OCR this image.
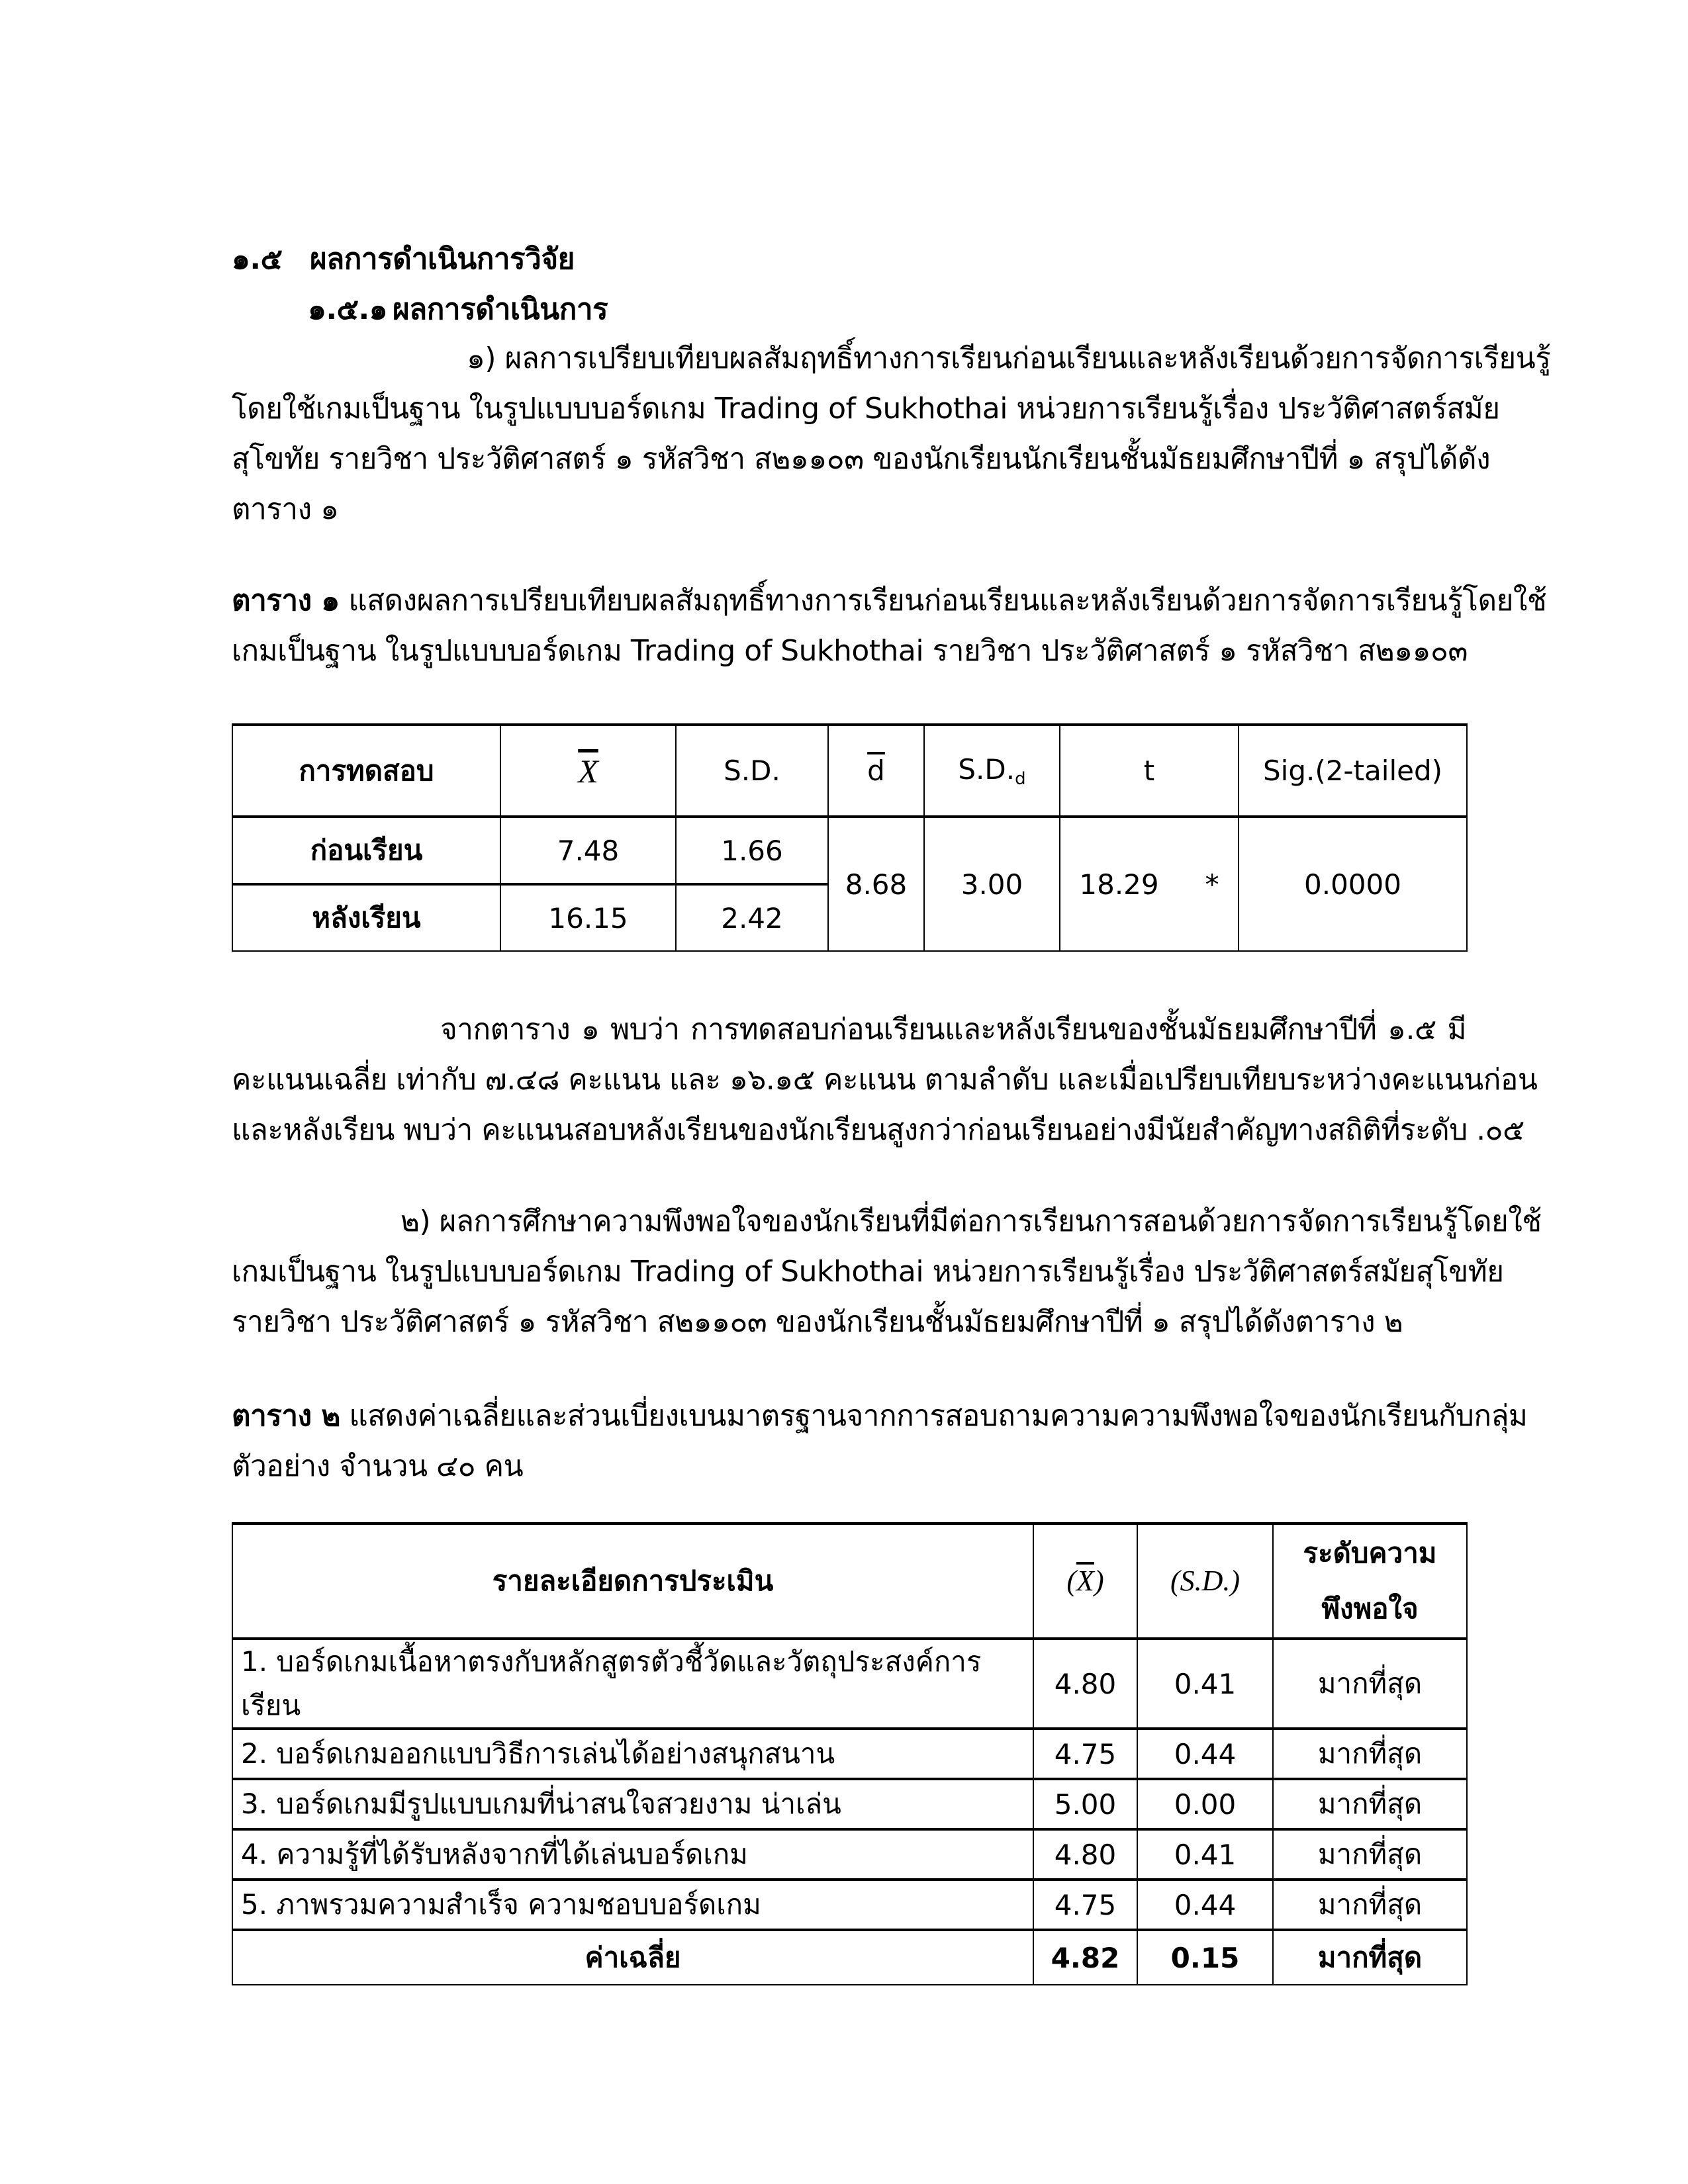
๑.๕ ผลการดำเนินการวิจัย
๑.๕.๑ ผลการดำเนินการ
๑) ผลการเปรียบเทียบผลสัมฤทธิ์ทางการเรียนก่อนเรียนและหลังเรียนด้วยการจัดการเรียนรู้
โดยใช้เกมเป็นฐาน ในรูปแบบบอร์ดเกม Trading of Sukhothai หน่วยการเรียนรู้เรื่อง ประวัติศาสตร์สมัย
สุโขทัย รายวิชา ประวัติศาสตร์ ๑ รหัสวิชา ส๒๑๑๐๓ ของนักเรียนนักเรียนชั้นมัธยมศึกษาปีที่ ๑ สรุปได้ดัง
ตาราง ๑
ตาราง ๑ แสดงผลการเปรียบเทียบผลสัมฤทธิ์ทางการเรียนก่อนเรียนและหลังเรียนด้วยการจัดการเรียนรู้โดยใช้
เกมเป็นฐาน ในรูปแบบบอร์ดเกม Trading of Sukhothai รายวิชา ประวัติศาสตร์ ๑ รหัสวิชา ส๒๑๑๐๓
การทดสอบ	$\overline{X}$	S.D.	$\overline{d}$	$S.D._d$	t	Sig.(2-tailed)
ก่อนเรียน	7.48	1.66	8.68	3.00	18.29 *	0.0000
หลังเรียน	16.15	2.42				
จากตาราง ๑ พบว่า การทดสอบก่อนเรียนและหลังเรียนของชั้นมัธยมศึกษาปีที่ ๑.๕ มี
คะแนนเฉลี่ย เท่ากับ ๗.๔๘ คะแนน และ ๑๖.๑๕ คะแนน ตามลำดับ และเมื่อเปรียบเทียบระหว่างคะแนนก่อน
และหลังเรียน พบว่า คะแนนสอบหลังเรียนของนักเรียนสูงกว่าก่อนเรียนอย่างมีนัยสำคัญทางสถิติที่ระดับ .๐๕
๒) ผลการศึกษาความพึงพอใจของนักเรียนที่มีต่อการเรียนการสอนด้วยการจัดการเรียนรู้โดยใช้
เกมเป็นฐาน ในรูปแบบบอร์ดเกม Trading of Sukhothai หน่วยการเรียนรู้เรื่อง ประวัติศาสตร์สมัยสุโขทัย
รายวิชา ประวัติศาสตร์ ๑ รหัสวิชา ส๒๑๑๐๓ ของนักเรียนชั้นมัธยมศึกษาปีที่ ๑ สรุปได้ดังตาราง ๒
ตาราง ๒ แสดงค่าเฉลี่ยและส่วนเบี่ยงเบนมาตรฐานจากการสอบถามความความพึงพอใจของนักเรียนกับกลุ่ม
ตัวอย่าง จำนวน ๔๐ คน
รายละเอียดการประเมิน	$(\overline{X})$	(S.D.)	ระดับความ
พึงพอใจ

1. บอร์ดเกมเนื้อหาตรงกับหลักสูตรตัวชี้วัดและวัตถุประสงค์การเรียน	4.80	0.41	มากที่สุด
2. บอร์ดเกมออกแบบวิธีการเล่นได้อย่างสนุกสนาน	4.75	0.44	มากที่สุด
3. บอร์ดเกมมีรูปแบบเกมที่น่าสนใจสวยงาม น่าเล่น	5.00	0.00	มากที่สุด
4. ความรู้ที่ได้รับหลังจากที่ได้เล่นบอร์ดเกม	4.80	0.41	มากที่สุด
5. ภาพรวมความสำเร็จ ความชอบบอร์ดเกม	4.75	0.44	มากที่สุด
ค่าเฉลี่ย	4.82	0.15	มากที่สุด
